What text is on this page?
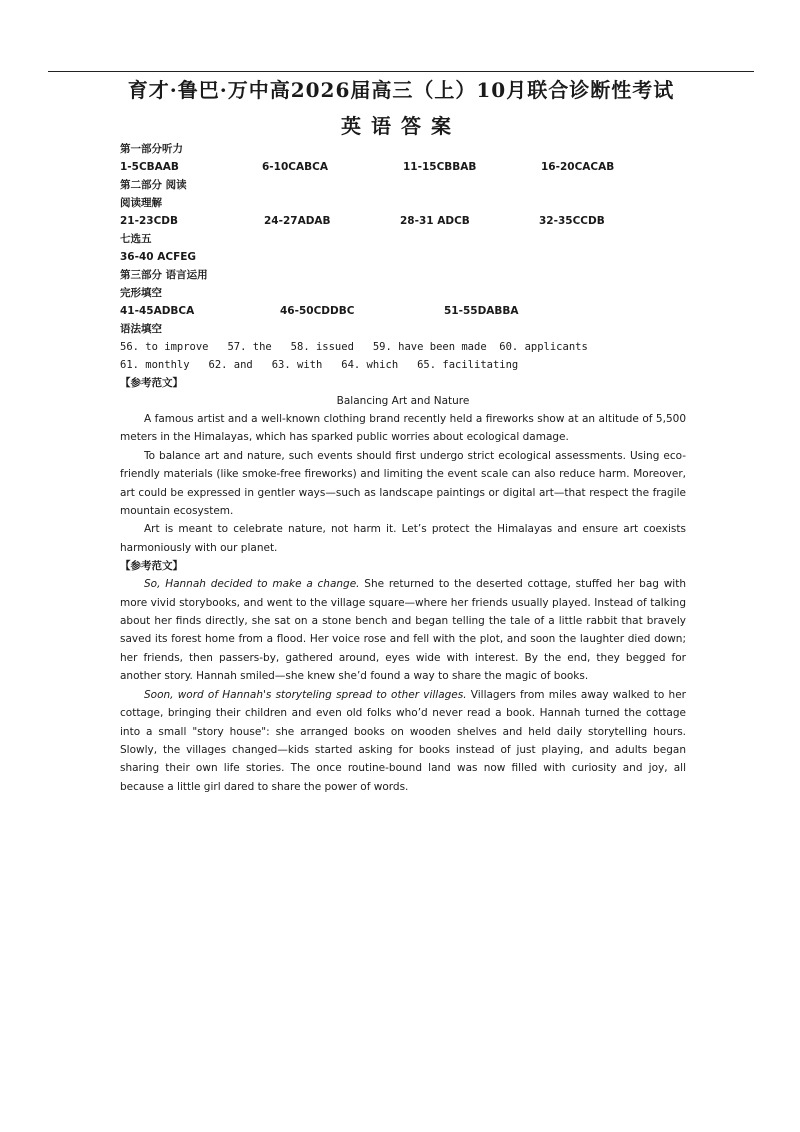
育才·鲁巴·万中高2026届高三（上）10月联合诊断性考试
英语答案
第一部分听力
1-5CBAAB	6-10CABCA	11-15CBBAB	16-20CACAB
第二部分 阅读
阅读理解
21-23CDB	24-27ADAB	28-31 ADCB	32-35CCDB
七选五
36-40 ACFEG
第三部分 语言运用
完形填空
41-45ADBCA	46-50CDDBC	51-55DABBA
语法填空
56. to improve   57. the   58. issued   59. have been made  60. applicants
61. monthly   62. and   63. with   64. which   65. facilitating
【参考范文】
Balancing Art and Nature

A famous artist and a well-known clothing brand recently held a fireworks show at an altitude of 5,500 meters in the Himalayas, which has sparked public worries about ecological damage.

To balance art and nature, such events should first undergo strict ecological assessments. Using eco-friendly materials (like smoke-free fireworks) and limiting the event scale can also reduce harm. Moreover, art could be expressed in gentler ways—such as landscape paintings or digital art—that respect the fragile mountain ecosystem.

Art is meant to celebrate nature, not harm it. Let’s protect the Himalayas and ensure art coexists harmoniously with our planet.

【参考范文】

So, Hannah decided to make a change. She returned to the deserted cottage, stuffed her bag with more vivid storybooks, and went to the village square—where her friends usually played. Instead of talking about her finds directly, she sat on a stone bench and began telling the tale of a little rabbit that bravely saved its forest home from a flood. Her voice rose and fell with the plot, and soon the laughter died down; her friends, then passers-by, gathered around, eyes wide with interest. By the end, they begged for another story. Hannah smiled—she knew she’d found a way to share the magic of books.

Soon, word of Hannah's storyteling spread to other villages. Villagers from miles away walked to her cottage, bringing their children and even old folks who’d never read a book. Hannah turned the cottage into a small "story house": she arranged books on wooden shelves and held daily storytelling hours. Slowly, the villages changed—kids started asking for books instead of just playing, and adults began sharing their own life stories. The once routine-bound land was now filled with curiosity and joy, all because a little girl dared to share the power of words.
